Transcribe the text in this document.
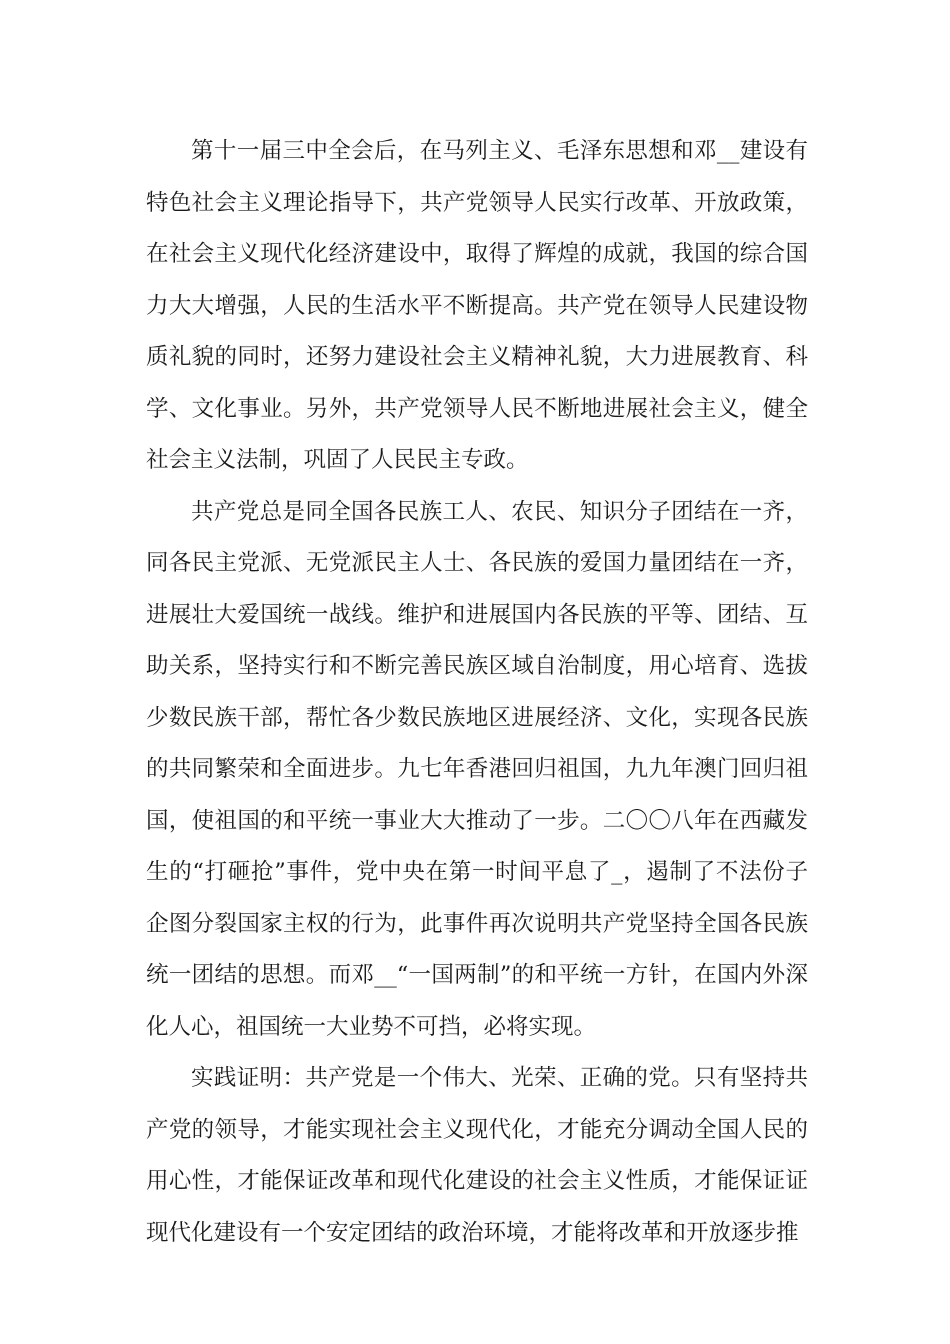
第十一届三中全会后，在马列主义、毛泽东思想和邓__建设有特色社会主义理论指导下，共产党领导人民实行改革、开放政策，在社会主义现代化经济建设中，取得了辉煌的成就，我国的综合国力大大增强，人民的生活水平不断提高。共产党在领导人民建设物质礼貌的同时，还努力建设社会主义精神礼貌，大力进展教育、科学、文化事业。另外，共产党领导人民不断地进展社会主义，健全社会主义法制，巩固了人民民主专政。

共产党总是同全国各民族工人、农民、知识分子团结在一齐，同各民主党派、无党派民主人士、各民族的爱国力量团结在一齐，进展壮大爱国统一战线。维护和进展国内各民族的平等、团结、互助关系，坚持实行和不断完善民族区域自治制度，用心培育、选拔少数民族干部，帮忙各少数民族地区进展经济、文化，实现各民族的共同繁荣和全面进步。九七年香港回归祖国，九九年澳门回归祖国，使祖国的和平统一事业大大推动了一步。二〇〇八年在西藏发生的“打砸抢”事件，党中央在第一时间平息了_，遏制了不法份子企图分裂国家主权的行为，此事件再次说明共产党坚持全国各民族统一团结的思想。而邓__“一国两制”的和平统一方针，在国内外深化人心，祖国统一大业势不可挡，必将实现。

实践证明：共产党是一个伟大、光荣、正确的党。只有坚持共产党的领导，才能实现社会主义现代化，才能充分调动全国人民的用心性，才能保证改革和现代化建设的社会主义性质，才能保证证现代化建设有一个安定团结的政治环境，才能将改革和开放逐步推
